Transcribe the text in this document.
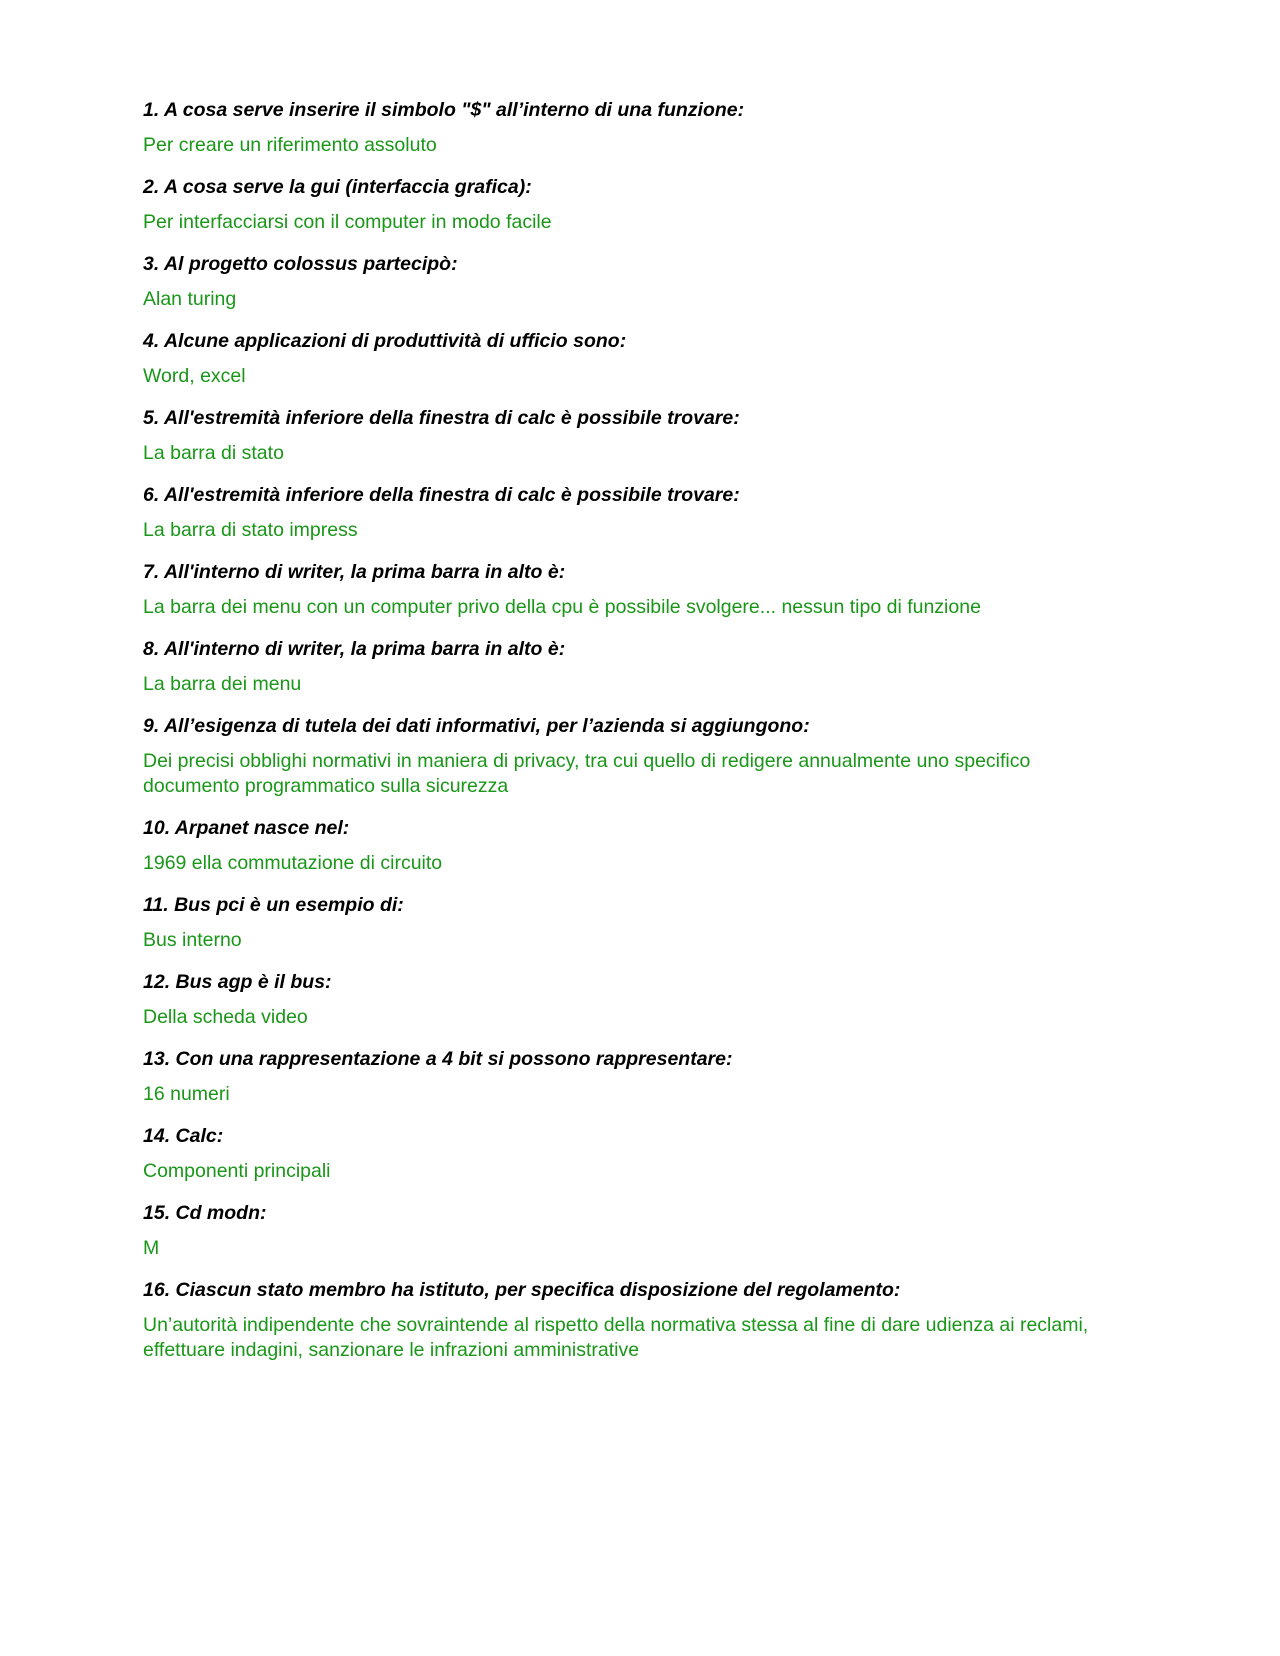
1. A cosa serve inserire il simbolo "$" all’interno di una funzione:

Per creare un riferimento assoluto

2. A cosa serve la gui (interfaccia grafica):

Per interfacciarsi con il computer in modo facile

3. Al progetto colossus partecipò:

Alan turing

4. Alcune applicazioni di produttività di ufficio sono:

Word, excel

5. All'estremità inferiore della finestra di calc è possibile trovare:

La barra di stato

6. All'estremità inferiore della finestra di calc è possibile trovare:

La barra di stato impress

7. All'interno di writer, la prima barra in alto è:

La barra dei menu con un computer privo della cpu è possibile svolgere... nessun tipo di funzione

8. All'interno di writer, la prima barra in alto è:

La barra dei menu

9. All’esigenza di tutela dei dati informativi, per l’azienda si aggiungono:

Dei precisi obblighi normativi in maniera di privacy, tra cui quello di redigere annualmente uno specifico documento programmatico sulla sicurezza

10. Arpanet nasce nel:

1969 ella commutazione di circuito

11. Bus pci è un esempio di:

Bus interno

12. Bus agp è il bus:

Della scheda video

13. Con una rappresentazione a 4 bit si possono rappresentare:

16 numeri

14. Calc:

Componenti principali

15. Cd modn:

M

16. Ciascun stato membro ha istituto, per specifica disposizione del regolamento:

Un’autorità indipendente che sovraintende al rispetto della normativa stessa al fine di dare udienza ai reclami, effettuare indagini, sanzionare le infrazioni amministrative
